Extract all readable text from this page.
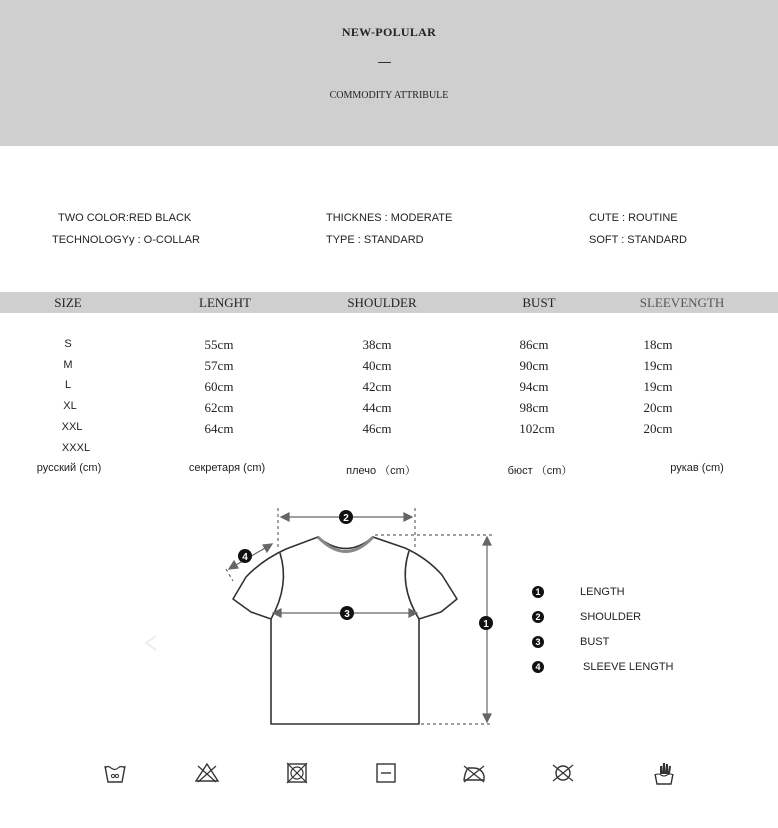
NEW-POLULAR
COMMODITY ATTRIBULE
TWO COLOR:RED BLACK
TECHNOLOGYy : O-COLLAR
THICKNES : MODERATE
TYPE : STANDARD
CUTE : ROUTINE
SOFT : STANDARD
SIZE	LENGHT	SHOULDER	BUST	SLEEVENGTH
S	55cm	38cm	86cm	18cm
M	57cm	40cm	90cm	19cm
L	60cm	42cm	94cm	19cm
XL	62cm	44cm	98cm	20cm
XXL	64cm	46cm	102cm	20cm
XXXL
русский (cm)	секретаря (cm)	плечо （cm）	бюст （cm）	рукав (cm)
2
3
1
4
1	LENGTH
2	SHOULDER
3	BUST
4	SLEEVE LENGTH
